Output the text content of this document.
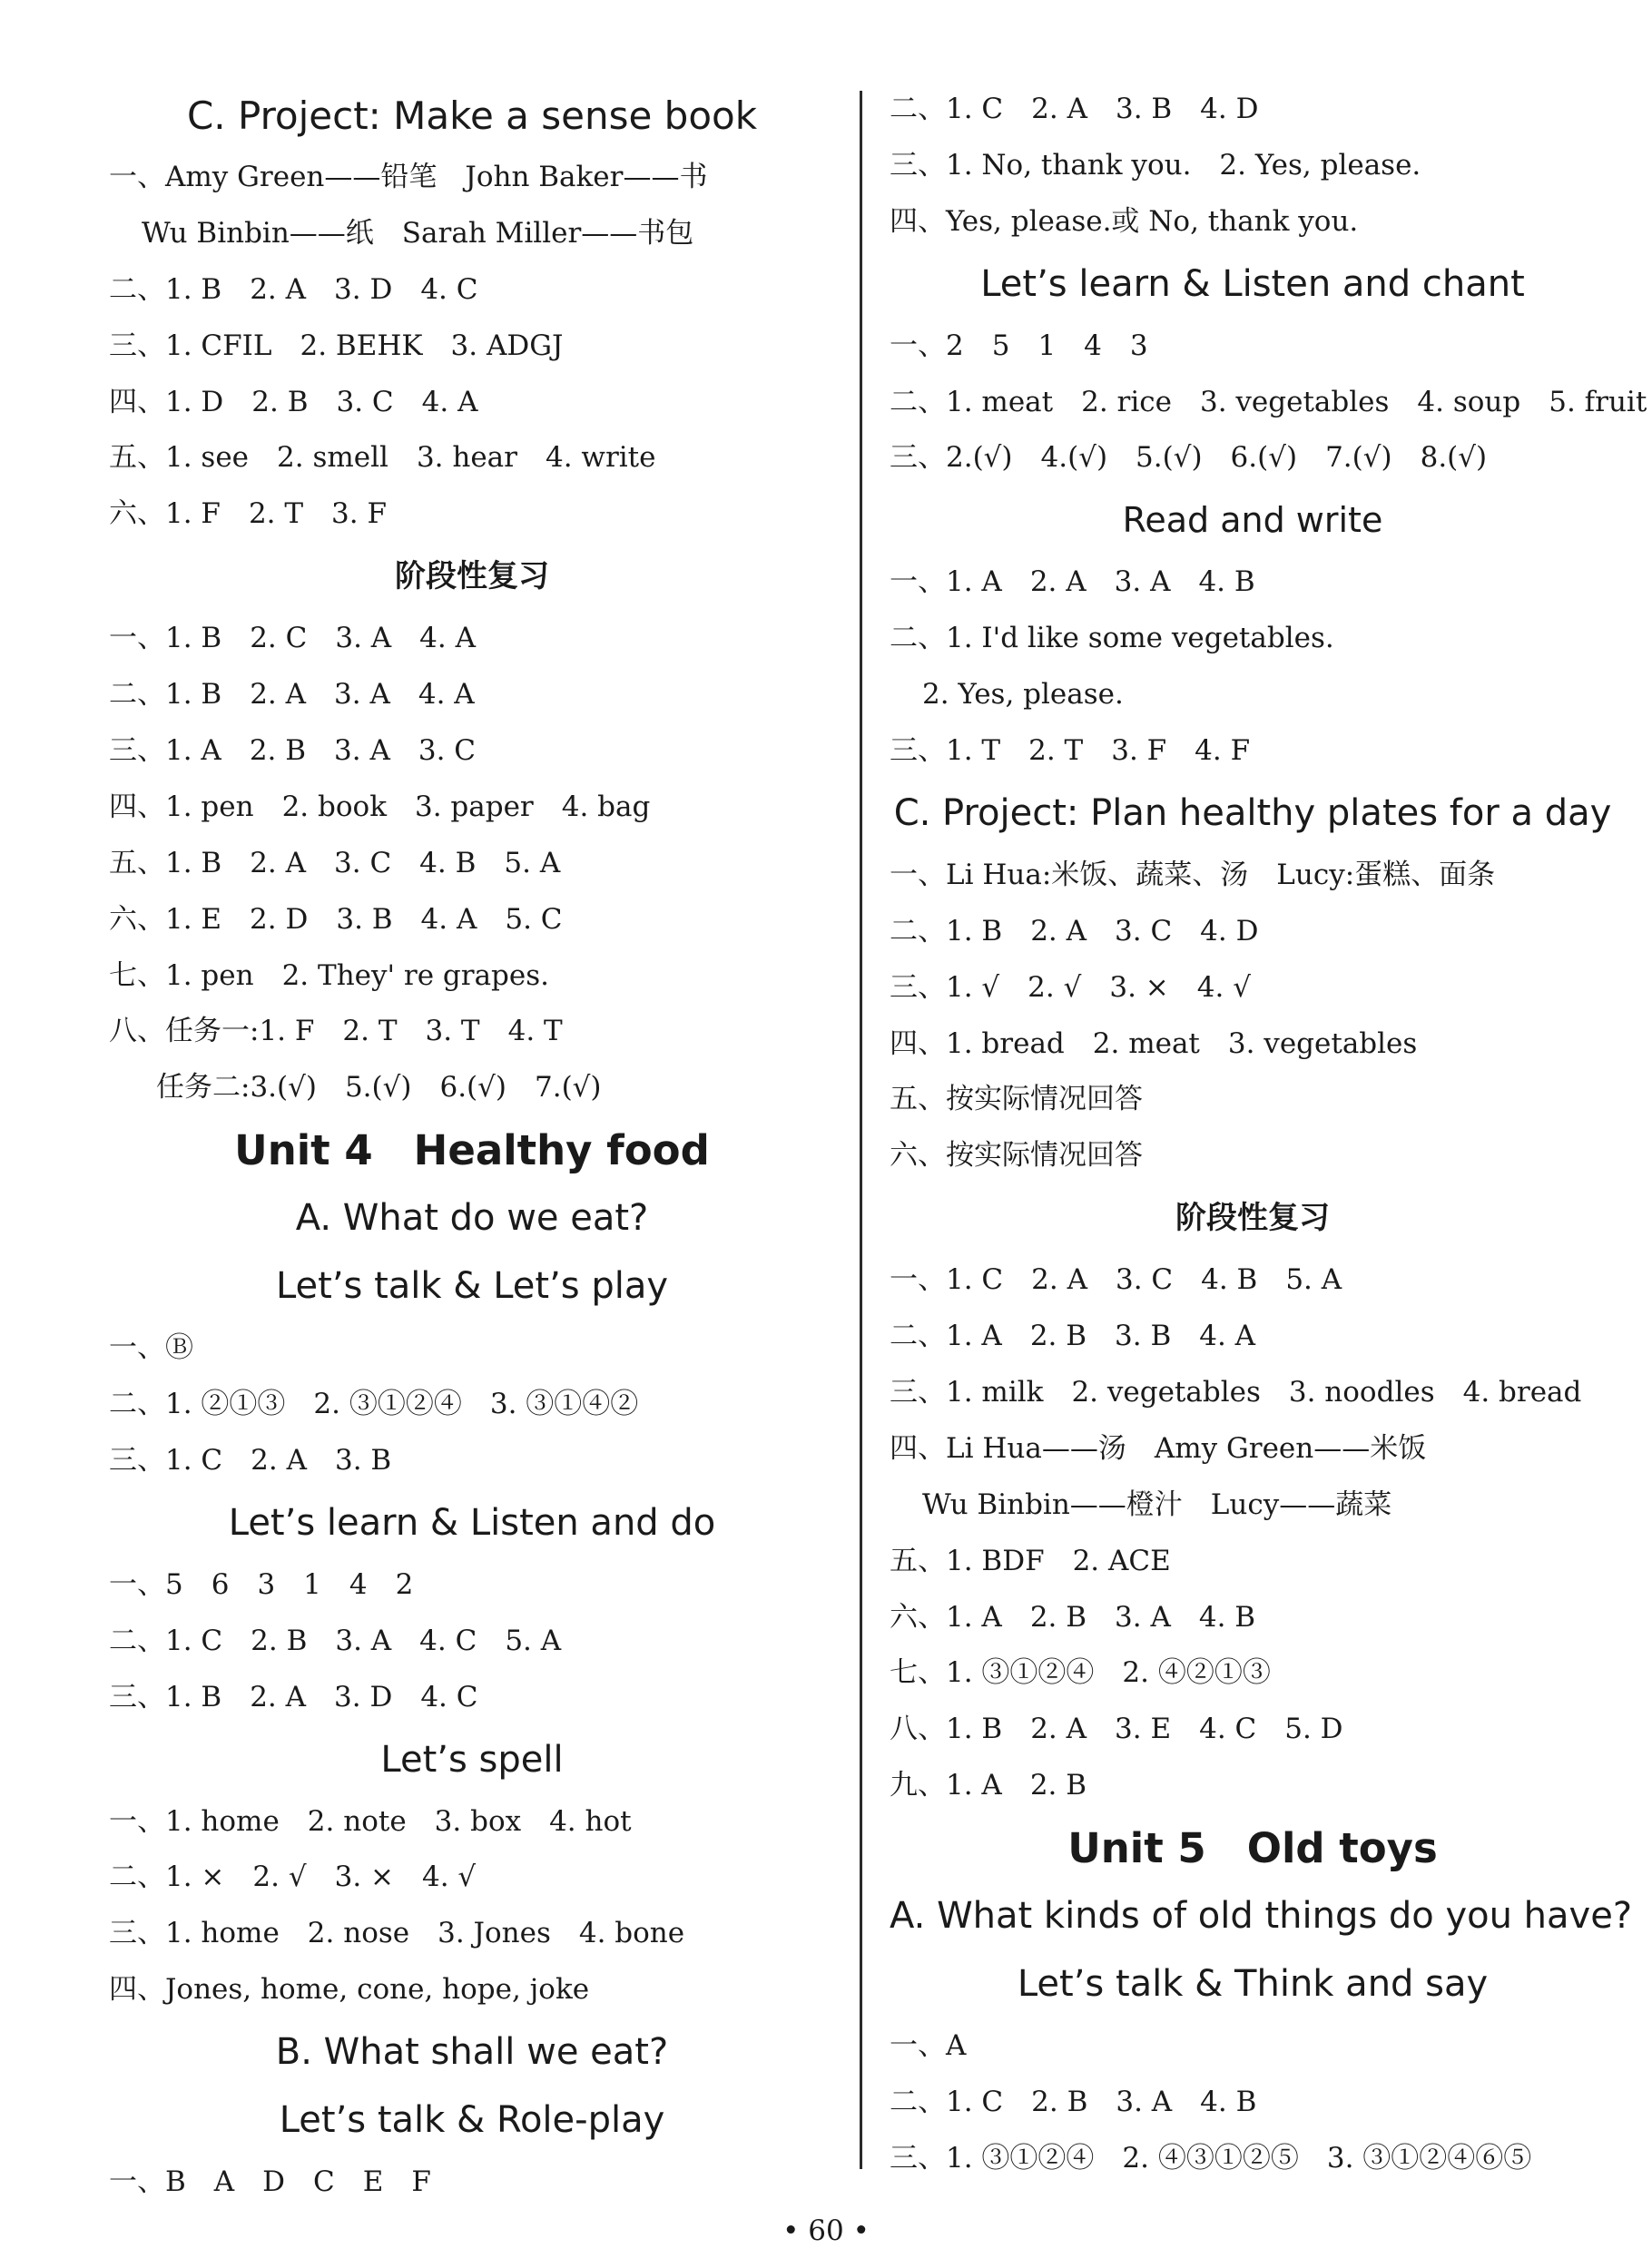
C. Project: Make a sense book
一、Amy Green——铅笔　John Baker——书
Wu Binbin——纸　Sarah Miller——书包
二、1. B　2. A　3. D　4. C
三、1. CFIL　2. BEHK　3. ADGJ
四、1. D　2. B　3. C　4. A
五、1. see　2. smell　3. hear　4. write
六、1. F　2. T　3. F
阶段性复习
一、1. B　2. C　3. A　4. A
二、1. B　2. A　3. A　4. A
三、1. A　2. B　3. A　3. C
四、1. pen　2. book　3. paper　4. bag
五、1. B　2. A　3. C　4. B　5. A
六、1. E　2. D　3. B　4. A　5. C
七、1. pen　2. They' re grapes.
八、任务一:1. F　2. T　3. T　4. T
任务二:3.(√)　5.(√)　6.(√)　7.(√)
Unit 4　Healthy food
A. What do we eat?
Let’s talk & Let’s play
一、Ⓑ
二、1. ②①③　2. ③①②④　3. ③①④②
三、1. C　2. A　3. B
Let’s learn & Listen and do
一、5　6　3　1　4　2
二、1. C　2. B　3. A　4. C　5. A
三、1. B　2. A　3. D　4. C
Let’s spell
一、1. home　2. note　3. box　4. hot
二、1. ×　2. √　3. ×　4. √
三、1. home　2. nose　3. Jones　4. bone
四、Jones, home, cone, hope, joke
B. What shall we eat?
Let’s talk & Role-play
一、B　A　D　C　E　F
二、1. C　2. A　3. B　4. D
三、1. No, thank you.　2. Yes, please.
四、Yes, please.或 No, thank you.
Let’s learn & Listen and chant
一、2　5　1　4　3
二、1. meat　2. rice　3. vegetables　4. soup　5. fruit
三、2.(√)　4.(√)　5.(√)　6.(√)　7.(√)　8.(√)
Read and write
一、1. A　2. A　3. A　4. B
二、1. I'd like some vegetables.
2. Yes, please.
三、1. T　2. T　3. F　4. F
C. Project: Plan healthy plates for a day
一、Li Hua:米饭、蔬菜、汤　Lucy:蛋糕、面条
二、1. B　2. A　3. C　4. D
三、1. √　2. √　3. ×　4. √
四、1. bread　2. meat　3. vegetables
五、按实际情况回答
六、按实际情况回答
阶段性复习
一、1. C　2. A　3. C　4. B　5. A
二、1. A　2. B　3. B　4. A
三、1. milk　2. vegetables　3. noodles　4. bread
四、Li Hua——汤　Amy Green——米饭
Wu Binbin——橙汁　Lucy——蔬菜
五、1. BDF　2. ACE
六、1. A　2. B　3. A　4. B
七、1. ③①②④　2. ④②①③
八、1. B　2. A　3. E　4. C　5. D
九、1. A　2. B
Unit 5　Old toys
A. What kinds of old things do you have?
Let’s talk & Think and say
一、A
二、1. C　2. B　3. A　4. B
三、1. ③①②④　2. ④③①②⑤　3. ③①②④⑥⑤
• 60 •
